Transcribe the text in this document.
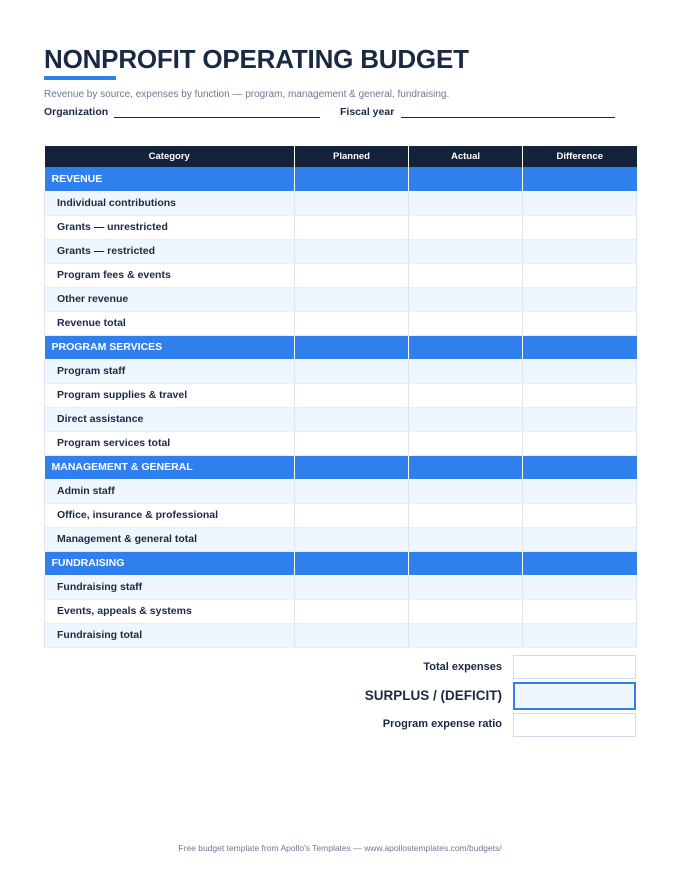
NONPROFIT OPERATING BUDGET
Revenue by source, expenses by function — program, management & general, fundraising.
Organization	Fiscal year
Category	Planned	Actual	Difference
REVENUE			
Individual contributions			
Grants — unrestricted			
Grants — restricted			
Program fees & events			
Other revenue			
Revenue total			
PROGRAM SERVICES			
Program staff			
Program supplies & travel			
Direct assistance			
Program services total			
MANAGEMENT & GENERAL			
Admin staff			
Office, insurance & professional			
Management & general total			
FUNDRAISING			
Fundraising staff			
Events, appeals & systems			
Fundraising total			
Total expenses
SURPLUS / (DEFICIT)
Program expense ratio
Free budget template from Apollo's Templates — www.apollostemplates.com/budgets/
